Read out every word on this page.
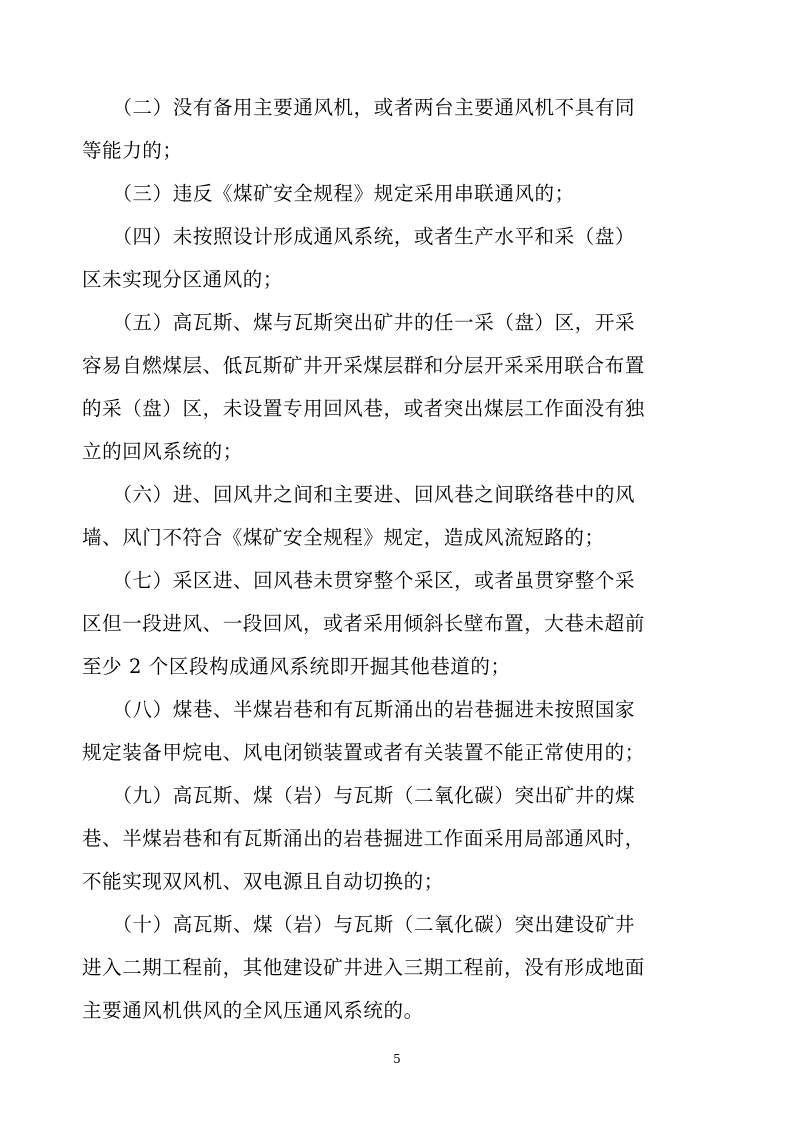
　　（二）没有备用主要通风机，或者两台主要通风机不具有同
等能力的；
　　（三）违反《煤矿安全规程》规定采用串联通风的；
　　（四）未按照设计形成通风系统，或者生产水平和采（盘）
区未实现分区通风的；
　　（五）高瓦斯、煤与瓦斯突出矿井的任一采（盘）区，开采
容易自燃煤层、低瓦斯矿井开采煤层群和分层开采采用联合布置
的采（盘）区，未设置专用回风巷，或者突出煤层工作面没有独
立的回风系统的；
　　（六）进、回风井之间和主要进、回风巷之间联络巷中的风
墙、风门不符合《煤矿安全规程》规定，造成风流短路的；
　　（七）采区进、回风巷未贯穿整个采区，或者虽贯穿整个采
区但一段进风、一段回风，或者采用倾斜长壁布置，大巷未超前
至少 2 个区段构成通风系统即开掘其他巷道的；
　　（八）煤巷、半煤岩巷和有瓦斯涌出的岩巷掘进未按照国家
规定装备甲烷电、风电闭锁装置或者有关装置不能正常使用的；
　　（九）高瓦斯、煤（岩）与瓦斯（二氧化碳）突出矿井的煤
巷、半煤岩巷和有瓦斯涌出的岩巷掘进工作面采用局部通风时，
不能实现双风机、双电源且自动切换的；
　　（十）高瓦斯、煤（岩）与瓦斯（二氧化碳）突出建设矿井
进入二期工程前，其他建设矿井进入三期工程前，没有形成地面
主要通风机供风的全风压通风系统的。
5
